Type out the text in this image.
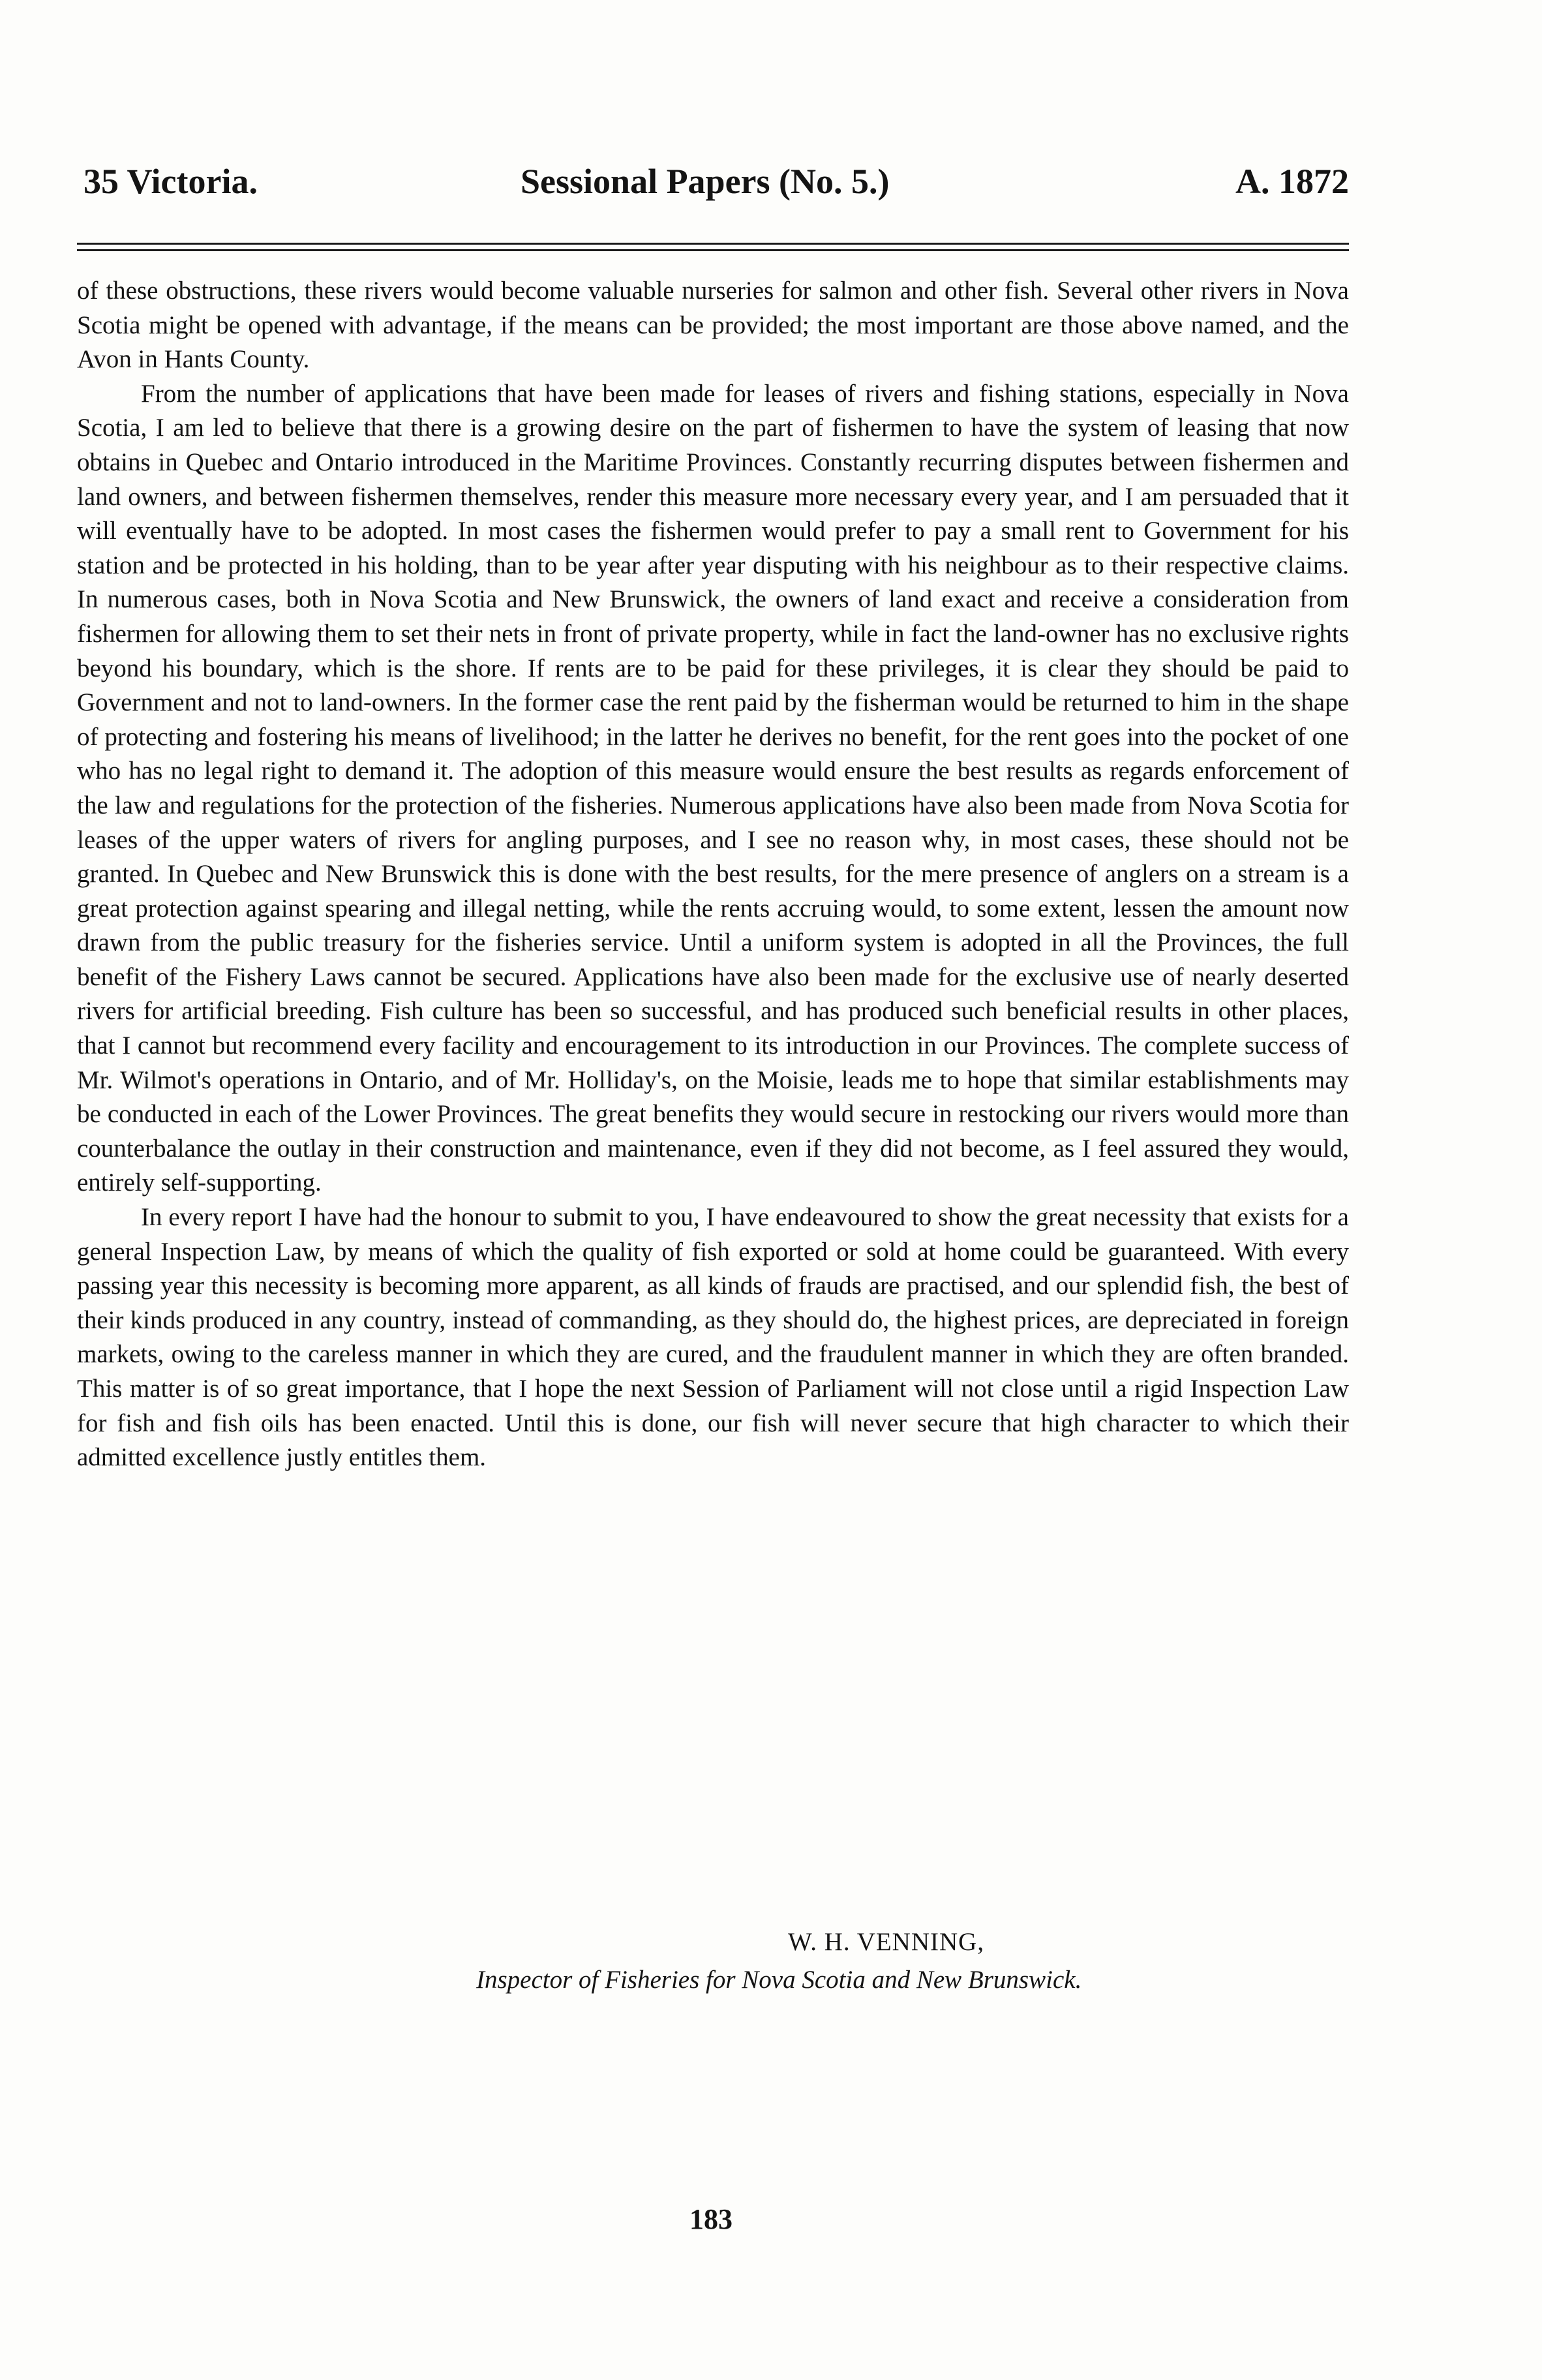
35 Victoria.	Sessional Papers (No. 5.)	A. 1872

of these obstructions, these rivers would become valuable nurseries for salmon and other fish. Several other rivers in Nova Scotia might be opened with advantage, if the means can be provided; the most important are those above named, and the Avon in Hants County.

From the number of applications that have been made for leases of rivers and fishing stations, especially in Nova Scotia, I am led to believe that there is a growing desire on the part of fishermen to have the system of leasing that now obtains in Quebec and Ontario introduced in the Maritime Provinces. Constantly recurring disputes between fishermen and land owners, and between fishermen themselves, render this measure more necessary every year, and I am persuaded that it will eventually have to be adopted. In most cases the fishermen would prefer to pay a small rent to Government for his station and be protected in his holding, than to be year after year disputing with his neighbour as to their respective claims. In numerous cases, both in Nova Scotia and New Brunswick, the owners of land exact and receive a consideration from fishermen for allowing them to set their nets in front of private property, while in fact the land-owner has no exclusive rights beyond his boundary, which is the shore. If rents are to be paid for these privileges, it is clear they should be paid to Government and not to land-owners. In the former case the rent paid by the fisherman would be returned to him in the shape of protecting and fostering his means of livelihood; in the latter he derives no benefit, for the rent goes into the pocket of one who has no legal right to demand it. The adoption of this measure would ensure the best results as regards enforcement of the law and regulations for the protection of the fisheries. Numerous applications have also been made from Nova Scotia for leases of the upper waters of rivers for angling purposes, and I see no reason why, in most cases, these should not be granted. In Quebec and New Brunswick this is done with the best results, for the mere presence of anglers on a stream is a great protection against spearing and illegal netting, while the rents accruing would, to some extent, lessen the amount now drawn from the public treasury for the fisheries service. Until a uniform system is adopted in all the Provinces, the full benefit of the Fishery Laws cannot be secured. Applications have also been made for the exclusive use of nearly deserted rivers for artificial breeding. Fish culture has been so successful, and has produced such beneficial results in other places, that I cannot but recommend every facility and encouragement to its introduction in our Provinces. The complete success of Mr. Wilmot's operations in Ontario, and of Mr. Holliday's, on the Moisie, leads me to hope that similar establishments may be conducted in each of the Lower Provinces. The great benefits they would secure in restocking our rivers would more than counterbalance the outlay in their construction and maintenance, even if they did not become, as I feel assured they would, entirely self-supporting.

In every report I have had the honour to submit to you, I have endeavoured to show the great necessity that exists for a general Inspection Law, by means of which the quality of fish exported or sold at home could be guaranteed. With every passing year this necessity is becoming more apparent, as all kinds of frauds are practised, and our splendid fish, the best of their kinds produced in any country, instead of commanding, as they should do, the highest prices, are depreciated in foreign markets, owing to the careless manner in which they are cured, and the fraudulent manner in which they are often branded. This matter is of so great importance, that I hope the next Session of Parliament will not close until a rigid Inspection Law for fish and fish oils has been enacted. Until this is done, our fish will never secure that high character to which their admitted excellence justly entitles them.

W. H. VENNING,
Inspector of Fisheries for Nova Scotia and New Brunswick.
183
